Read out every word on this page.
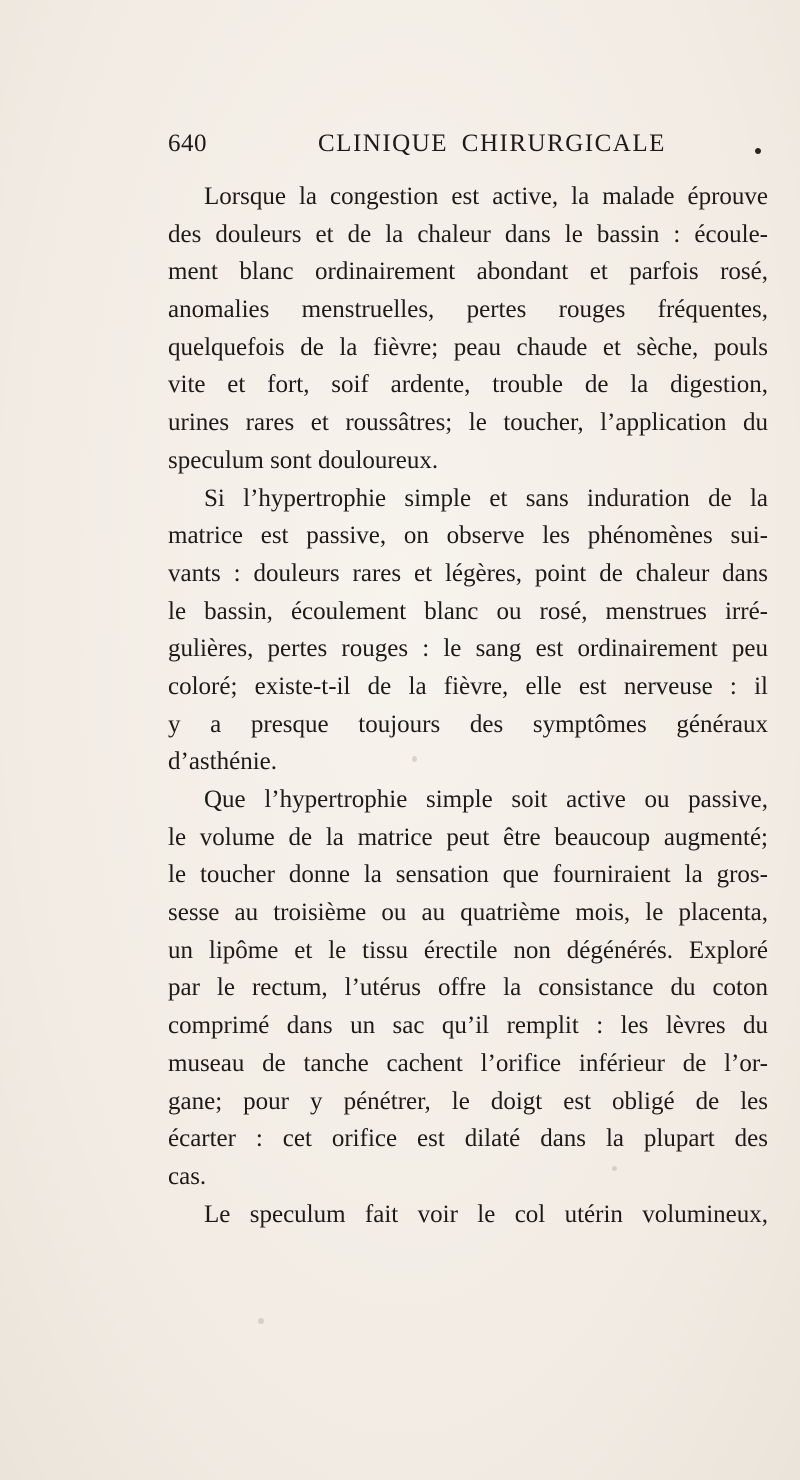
640	CLINIQUE CHIRURGICALE
Lorsque la congestion est active, la malade éprouve
des douleurs et de la chaleur dans le bassin : écoule-
ment blanc ordinairement abondant et parfois rosé,
anomalies menstruelles, pertes rouges fréquentes,
quelquefois de la fièvre; peau chaude et sèche, pouls
vite et fort, soif ardente, trouble de la digestion,
urines rares et roussâtres; le toucher, l’application du
speculum sont douloureux.
Si l’hypertrophie simple et sans induration de la
matrice est passive, on observe les phénomènes sui-
vants : douleurs rares et légères, point de chaleur dans
le bassin, écoulement blanc ou rosé, menstrues irré-
gulières, pertes rouges : le sang est ordinairement peu
coloré; existe-t-il de la fièvre, elle est nerveuse : il
y a presque toujours des symptômes généraux
d’asthénie.
Que l’hypertrophie simple soit active ou passive,
le volume de la matrice peut être beaucoup augmenté;
le toucher donne la sensation que fourniraient la gros-
sesse au troisième ou au quatrième mois, le placenta,
un lipôme et le tissu érectile non dégénérés. Exploré
par le rectum, l’utérus offre la consistance du coton
comprimé dans un sac qu’il remplit : les lèvres du
museau de tanche cachent l’orifice inférieur de l’or-
gane; pour y pénétrer, le doigt est obligé de les
écarter : cet orifice est dilaté dans la plupart des
cas.
Le speculum fait voir le col utérin volumineux,
